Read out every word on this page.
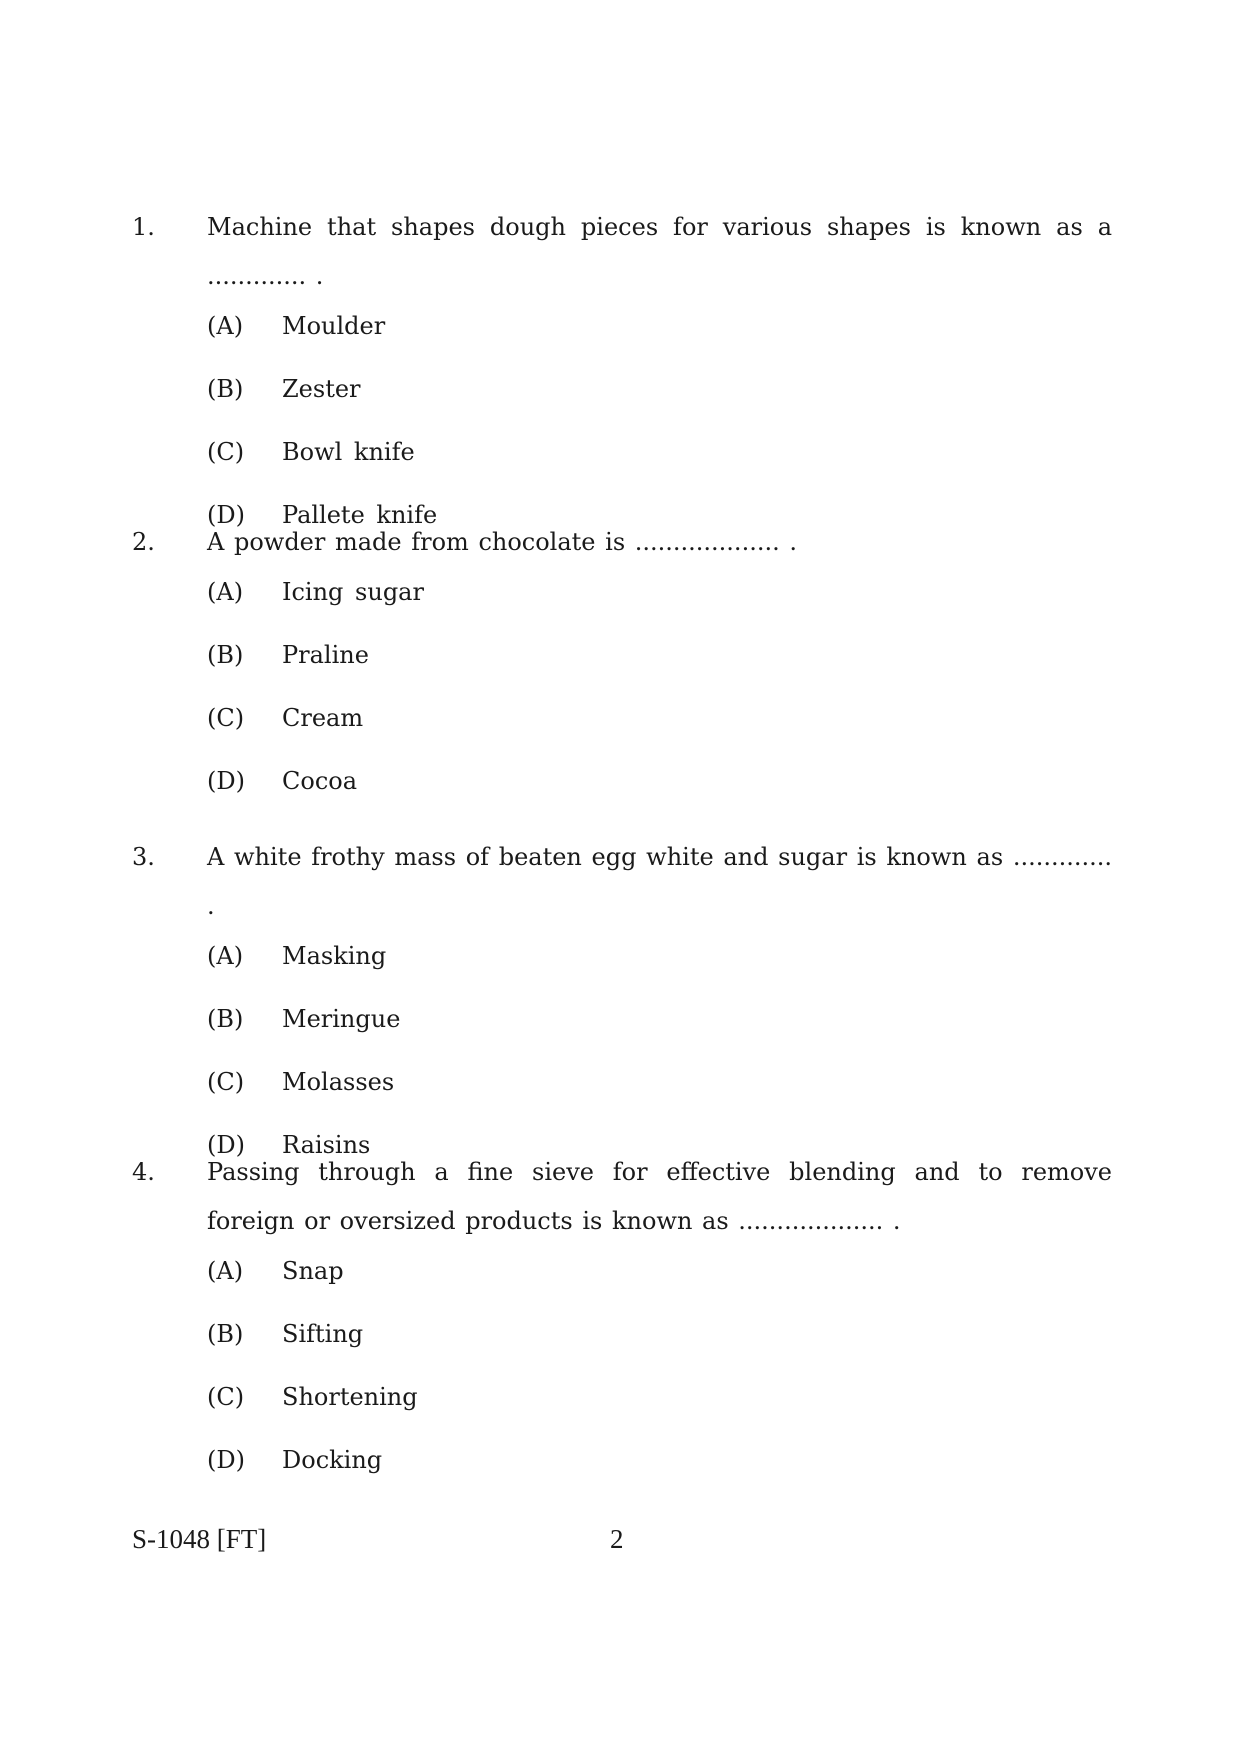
1. Machine that shapes dough pieces for various shapes is known as a ............. .
(A)	Moulder
(B)	Zester
(C)	Bowl knife
(D)	Pallete knife
2. A powder made from chocolate is ................... .
(A)	Icing sugar
(B)	Praline
(C)	Cream
(D)	Cocoa
3. A white frothy mass of beaten egg white and sugar is known as ............. .
(A)	Masking
(B)	Meringue
(C)	Molasses
(D)	Raisins
4. Passing through a fine sieve for effective blending and to remove foreign or oversized products is known as ................... .
(A)	Snap
(B)	Sifting
(C)	Shortening
(D)	Docking
S-1048 [FT]	2
